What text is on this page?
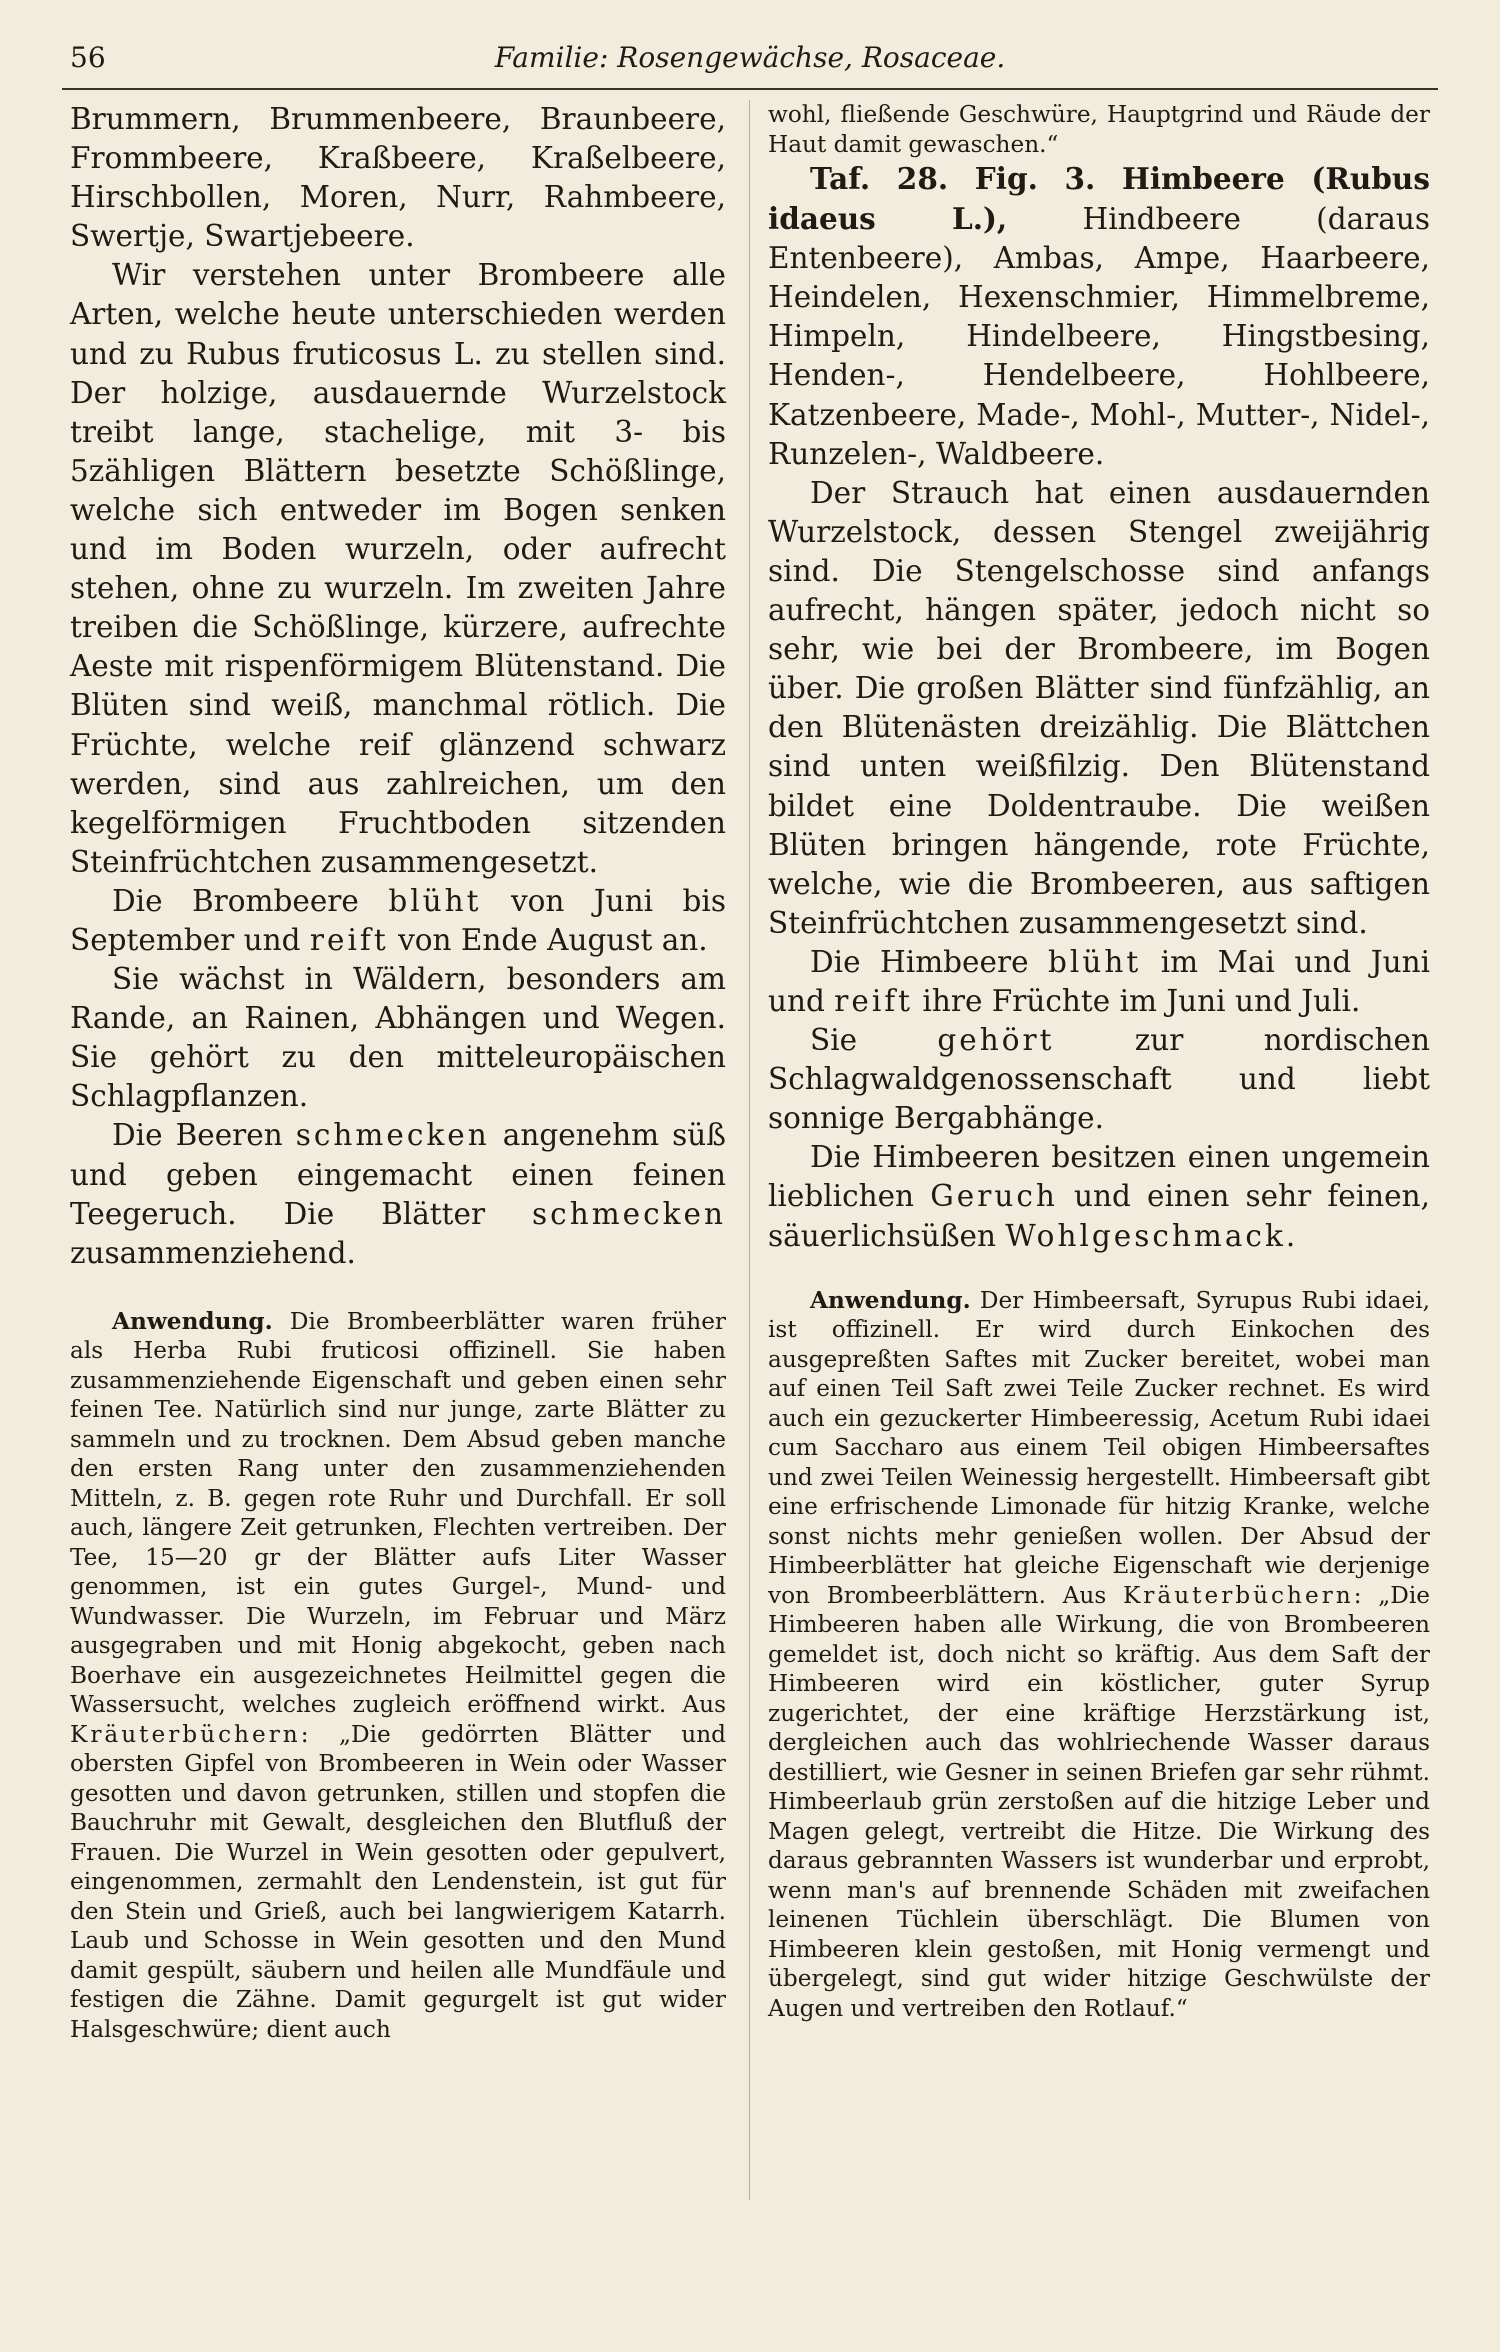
56	Familie: Rosengewächse, Rosaceae.

Brummern, Brummenbeere, Braunbeere, Frommbeere, Kraßbeere, Kraßelbeere, Hirschbollen, Moren, Nurr, Rahmbeere, Swertje, Swartjebeere.

Wir verstehen unter Brombeere alle Arten, welche heute unterschieden werden und zu Rubus fruticosus L. zu stellen sind. Der holzige, ausdauernde Wurzelstock treibt lange, stachelige, mit 3- bis 5zähligen Blättern besetzte Schößlinge, welche sich entweder im Bogen senken und im Boden wurzeln, oder aufrecht stehen, ohne zu wurzeln. Im zweiten Jahre treiben die Schößlinge, kürzere, aufrechte Aeste mit rispenförmigem Blütenstand. Die Blüten sind weiß, manchmal rötlich. Die Früchte, welche reif glänzend schwarz werden, sind aus zahlreichen, um den kegelförmigen Fruchtboden sitzenden Steinfrüchtchen zusammengesetzt.

Die Brombeere blüht von Juni bis September und reift von Ende August an.

Sie wächst in Wäldern, besonders am Rande, an Rainen, Abhängen und Wegen. Sie gehört zu den mitteleuropäischen Schlagpflanzen.

Die Beeren schmecken angenehm süß und geben eingemacht einen feinen Teegeruch. Die Blätter schmecken zusammenziehend.

Anwendung. Die Brombeerblätter waren früher als Herba Rubi fruticosi offizinell. Sie haben zusammenziehende Eigenschaft und geben einen sehr feinen Tee. Natürlich sind nur junge, zarte Blätter zu sammeln und zu trocknen. Dem Absud geben manche den ersten Rang unter den zusammenziehenden Mitteln, z. B. gegen rote Ruhr und Durchfall. Er soll auch, längere Zeit getrunken, Flechten vertreiben. Der Tee, 15—20 gr der Blätter aufs Liter Wasser genommen, ist ein gutes Gurgel-, Mund- und Wundwasser. Die Wurzeln, im Februar und März ausgegraben und mit Honig abgekocht, geben nach Boerhave ein ausgezeichnetes Heilmittel gegen die Wassersucht, welches zugleich eröffnend wirkt. Aus Kräuterbüchern: „Die gedörrten Blätter und obersten Gipfel von Brombeeren in Wein oder Wasser gesotten und davon getrunken, stillen und stopfen die Bauchruhr mit Gewalt, desgleichen den Blutfluß der Frauen. Die Wurzel in Wein gesotten oder gepulvert, eingenommen, zermahlt den Lendenstein, ist gut für den Stein und Grieß, auch bei langwierigem Katarrh. Laub und Schosse in Wein gesotten und den Mund damit gespült, säubern und heilen alle Mundfäule und festigen die Zähne. Damit gegurgelt ist gut wider Halsgeschwüre; dient auch

wohl, fließende Geschwüre, Hauptgrind und Räude der Haut damit gewaschen.“

Taf. 28. Fig. 3. Himbeere (Rubus idaeus L.), Hindbeere (daraus Entenbeere), Ambas, Ampe, Haarbeere, Heindelen, Hexenschmier, Himmelbreme, Himpeln, Hindelbeere, Hingstbesing, Henden-, Hendelbeere, Hohlbeere, Katzenbeere, Made-, Mohl-, Mutter-, Nidel-, Runzelen-, Waldbeere.

Der Strauch hat einen ausdauernden Wurzelstock, dessen Stengel zweijährig sind. Die Stengelschosse sind anfangs aufrecht, hängen später, jedoch nicht so sehr, wie bei der Brombeere, im Bogen über. Die großen Blätter sind fünfzählig, an den Blütenästen dreizählig. Die Blättchen sind unten weißfilzig. Den Blütenstand bildet eine Doldentraube. Die weißen Blüten bringen hängende, rote Früchte, welche, wie die Brombeeren, aus saftigen Steinfrüchtchen zusammengesetzt sind.

Die Himbeere blüht im Mai und Juni und reift ihre Früchte im Juni und Juli.

Sie gehört zur nordischen Schlagwaldgenossenschaft und liebt sonnige Bergabhänge.

Die Himbeeren besitzen einen ungemein lieblichen Geruch und einen sehr feinen, säuerlichsüßen Wohlgeschmack.

Anwendung. Der Himbeersaft, Syrupus Rubi idaei, ist offizinell. Er wird durch Einkochen des ausgepreßten Saftes mit Zucker bereitet, wobei man auf einen Teil Saft zwei Teile Zucker rechnet. Es wird auch ein gezuckerter Himbeeressig, Acetum Rubi idaei cum Saccharo aus einem Teil obigen Himbeersaftes und zwei Teilen Weinessig hergestellt. Himbeersaft gibt eine erfrischende Limonade für hitzig Kranke, welche sonst nichts mehr genießen wollen. Der Absud der Himbeerblätter hat gleiche Eigenschaft wie derjenige von Brombeerblättern. Aus Kräuterbüchern: „Die Himbeeren haben alle Wirkung, die von Brombeeren gemeldet ist, doch nicht so kräftig. Aus dem Saft der Himbeeren wird ein köstlicher, guter Syrup zugerichtet, der eine kräftige Herzstärkung ist, dergleichen auch das wohlriechende Wasser daraus destilliert, wie Gesner in seinen Briefen gar sehr rühmt. Himbeerlaub grün zerstoßen auf die hitzige Leber und Magen gelegt, vertreibt die Hitze. Die Wirkung des daraus gebrannten Wassers ist wunderbar und erprobt, wenn man's auf brennende Schäden mit zweifachen leinenen Tüchlein überschlägt. Die Blumen von Himbeeren klein gestoßen, mit Honig vermengt und übergelegt, sind gut wider hitzige Geschwülste der Augen und vertreiben den Rotlauf.“
